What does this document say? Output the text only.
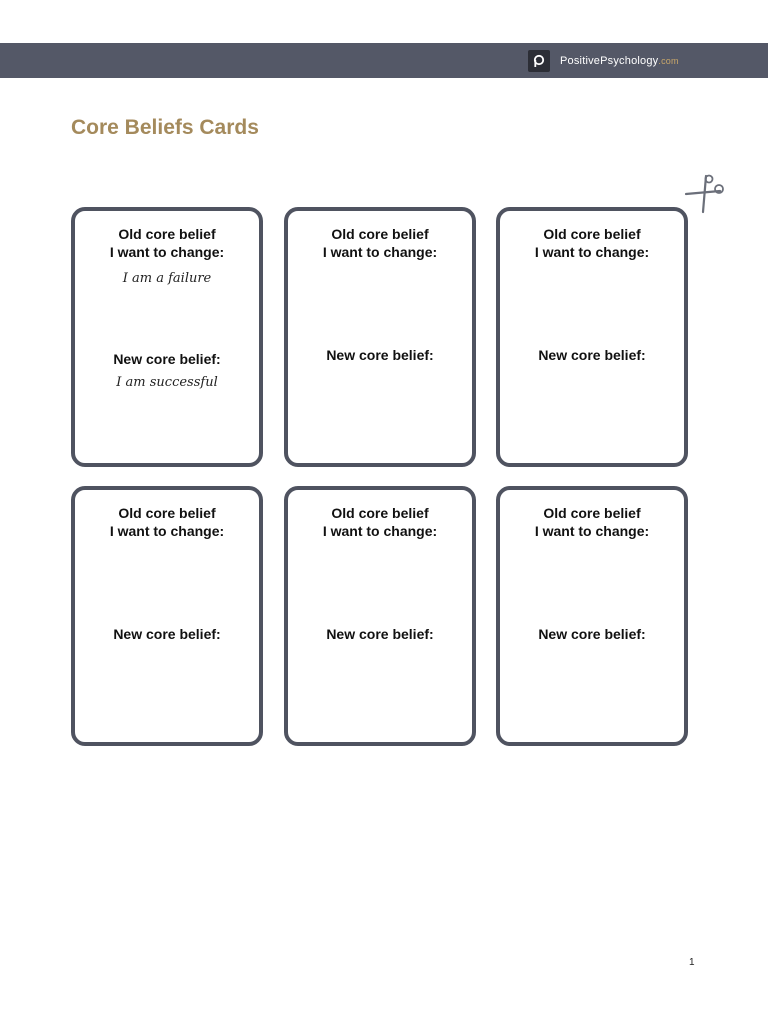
PositivePsychology.com
Core Beliefs Cards
Old core belief
I want to change:
I am a failure
New core belief:
I am successful
Old core belief
I want to change:
New core belief:
Old core belief
I want to change:
New core belief:
Old core belief
I want to change:
New core belief:
Old core belief
I want to change:
New core belief:
Old core belief
I want to change:
New core belief:
1
